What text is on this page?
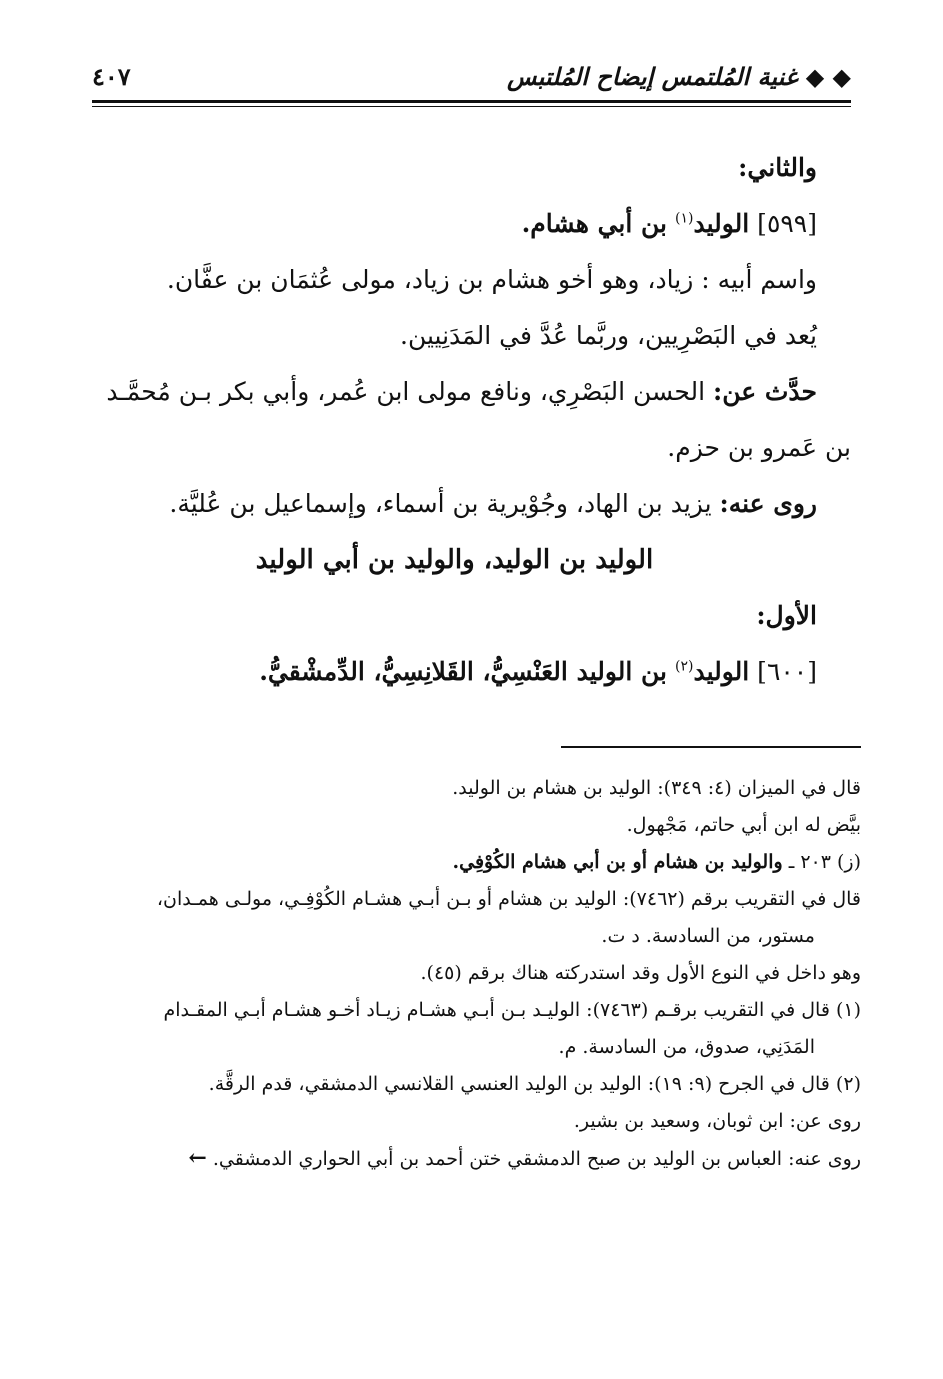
◆ ◆ غنية المُلتمس إيضاح المُلتبس
٤٠٧

والثاني:

[٥٩٩] الوليد$^{(١)}$ بن أبي هشام.

واسم أبيه : زياد، وهو أخو هشام بن زياد، مولى عُثمَان بن عفَّان.

يُعد في البَصْرِيين، وربَّما عُدَّ في المَدَنِيين.

حدَّث عن: الحسن البَصْرِي، ونافع مولى ابن عُمر، وأبي بكر بـن مُحمَّـد

بن عَمرو بن حزم.

روى عنه: يزيد بن الهاد، وجُوْيرية بن أسماء، وإسماعيل بن عُليَّة.

الوليد بن الوليد، والوليد بن أبي الوليد

الأول:

[٦٠٠] الوليد$^{(٢)}$ بن الوليد العَنْسِيُّ، القَلانِسِيُّ، الدِّمشْقيُّ.

قال في الميزان (٤: ٣٤٩): الوليد بن هشام بن الوليد.

بيَّض له ابن أبي حاتم، مَجْهول.

(ز) ٢٠٣ ـ والوليد بن هشام أو بن أبي هشام الكُوْفِي.

قال في التقريب برقم (٧٤٦٢): الوليد بن هشام أو بـن أبـي هشـام الكُوْفِـي، مولـى همـدان،

مستور، من السادسة. د ت.

وهو داخل في النوع الأول وقد استدركته هناك برقم (٤٥).

(١) قال في التقريب برقـم (٧٤٦٣): الوليـد بـن أبـي هشـام زيـاد أخـو هشـام أبـي المقـدام

المَدَنِي، صدوق، من السادسة. م.

(٢) قال في الجرح (٩: ١٩): الوليد بن الوليد العنسي القلانسي الدمشقي، قدم الرقَّة.

روى عن: ابن ثوبان، وسعيد بن بشير.

روى عنه: العباس بن الوليد بن صبح الدمشقي ختن أحمد بن أبي الحواري الدمشقي. ←
